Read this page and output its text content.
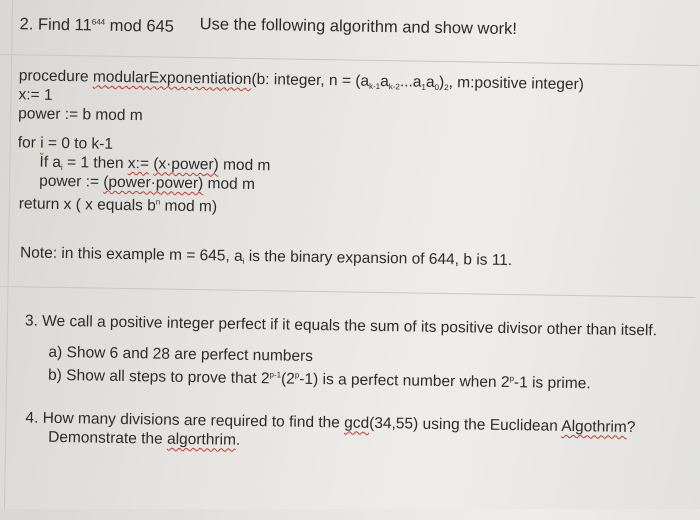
2. Find $11^{644}$ mod 645 Use the following algorithm and show work!
procedure modularExponentiation(b: integer, $n = (a_{k-1}a_{k-2}...a_1a_0)_2$, m:positive integer)
x:= 1
power := b mod m
for i = 0 to k-1
If $a_i = 1$ then x:= (x·power) mod m
power := (power·power) mod m
return x ( x equals $b^n$ mod m)
Note: in this example m = 645, $a_i$ is the binary expansion of 644, b is 11.
3. We call a positive integer perfect if it equals the sum of its positive divisor other than itself.
a) Show 6 and 28 are perfect numbers
b) Show all steps to prove that 2$^{p-1}$(2$^p$-1) is a perfect number when 2$^p$-1 is prime.
4. How many divisions are required to find the gcd(34,55) using the Euclidean Algothrim?
Demonstrate the algorthrim.
